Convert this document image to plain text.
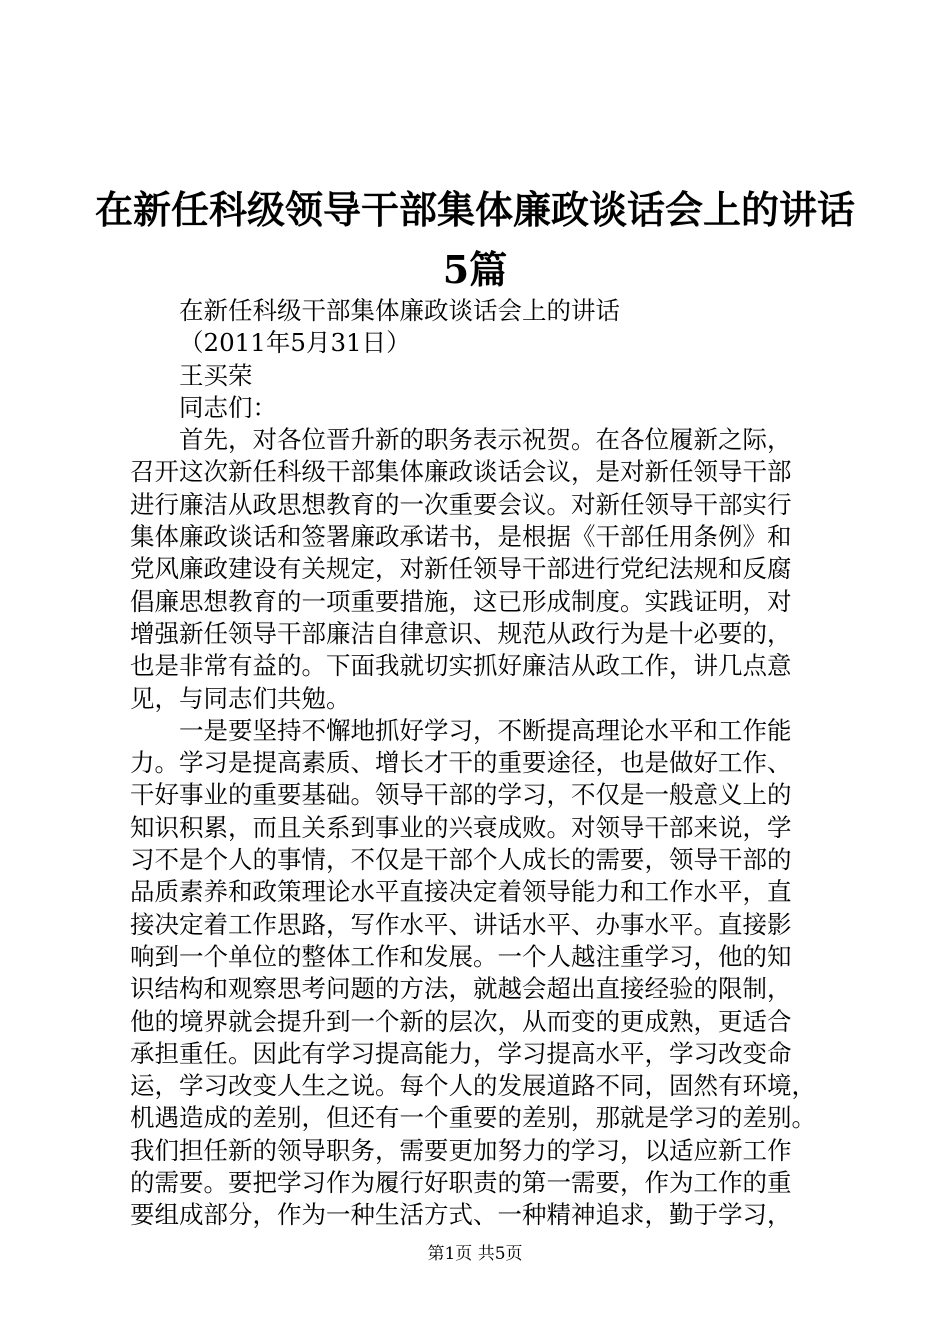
在新任科级领导干部集体廉政谈话会上的讲话
5篇
在新任科级干部集体廉政谈话会上的讲话
（2011年5月31日）
王买荣
同志们：
首先，对各位晋升新的职务表示祝贺。在各位履新之际，
召开这次新任科级干部集体廉政谈话会议，是对新任领导干部
进行廉洁从政思想教育的一次重要会议。对新任领导干部实行
集体廉政谈话和签署廉政承诺书，是根据《干部任用条例》和
党风廉政建设有关规定，对新任领导干部进行党纪法规和反腐
倡廉思想教育的一项重要措施，这已形成制度。实践证明，对
增强新任领导干部廉洁自律意识、规范从政行为是十必要的，
也是非常有益的。下面我就切实抓好廉洁从政工作，讲几点意
见，与同志们共勉。
一是要坚持不懈地抓好学习，不断提高理论水平和工作能
力。学习是提高素质、增长才干的重要途径，也是做好工作、
干好事业的重要基础。领导干部的学习，不仅是一般意义上的
知识积累，而且关系到事业的兴衰成败。对领导干部来说，学
习不是个人的事情，不仅是干部个人成长的需要，领导干部的
品质素养和政策理论水平直接决定着领导能力和工作水平，直
接决定着工作思路，写作水平、讲话水平、办事水平。直接影
响到一个单位的整体工作和发展。一个人越注重学习，他的知
识结构和观察思考问题的方法，就越会超出直接经验的限制，
他的境界就会提升到一个新的层次，从而变的更成熟，更适合
承担重任。因此有学习提高能力，学习提高水平，学习改变命
运，学习改变人生之说。每个人的发展道路不同，固然有环境，
机遇造成的差别，但还有一个重要的差别，那就是学习的差别。
我们担任新的领导职务，需要更加努力的学习，以适应新工作
的需要。要把学习作为履行好职责的第一需要，作为工作的重
要组成部分，作为一种生活方式、一种精神追求，勤于学习，
第1页 共5页
